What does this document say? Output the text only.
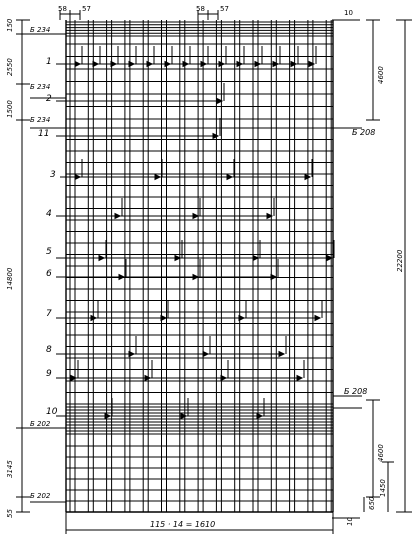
58 57	58 57	10
150
2550
1500
14800
3145
55
4600
22200
4600
1450
650
10
115 · 14 = 1610
Б 234
Б 234
Б 234
Б 208
Б 208
Б 202
Б 202
1
2
11
3
4
5
6
7
8
9
10
